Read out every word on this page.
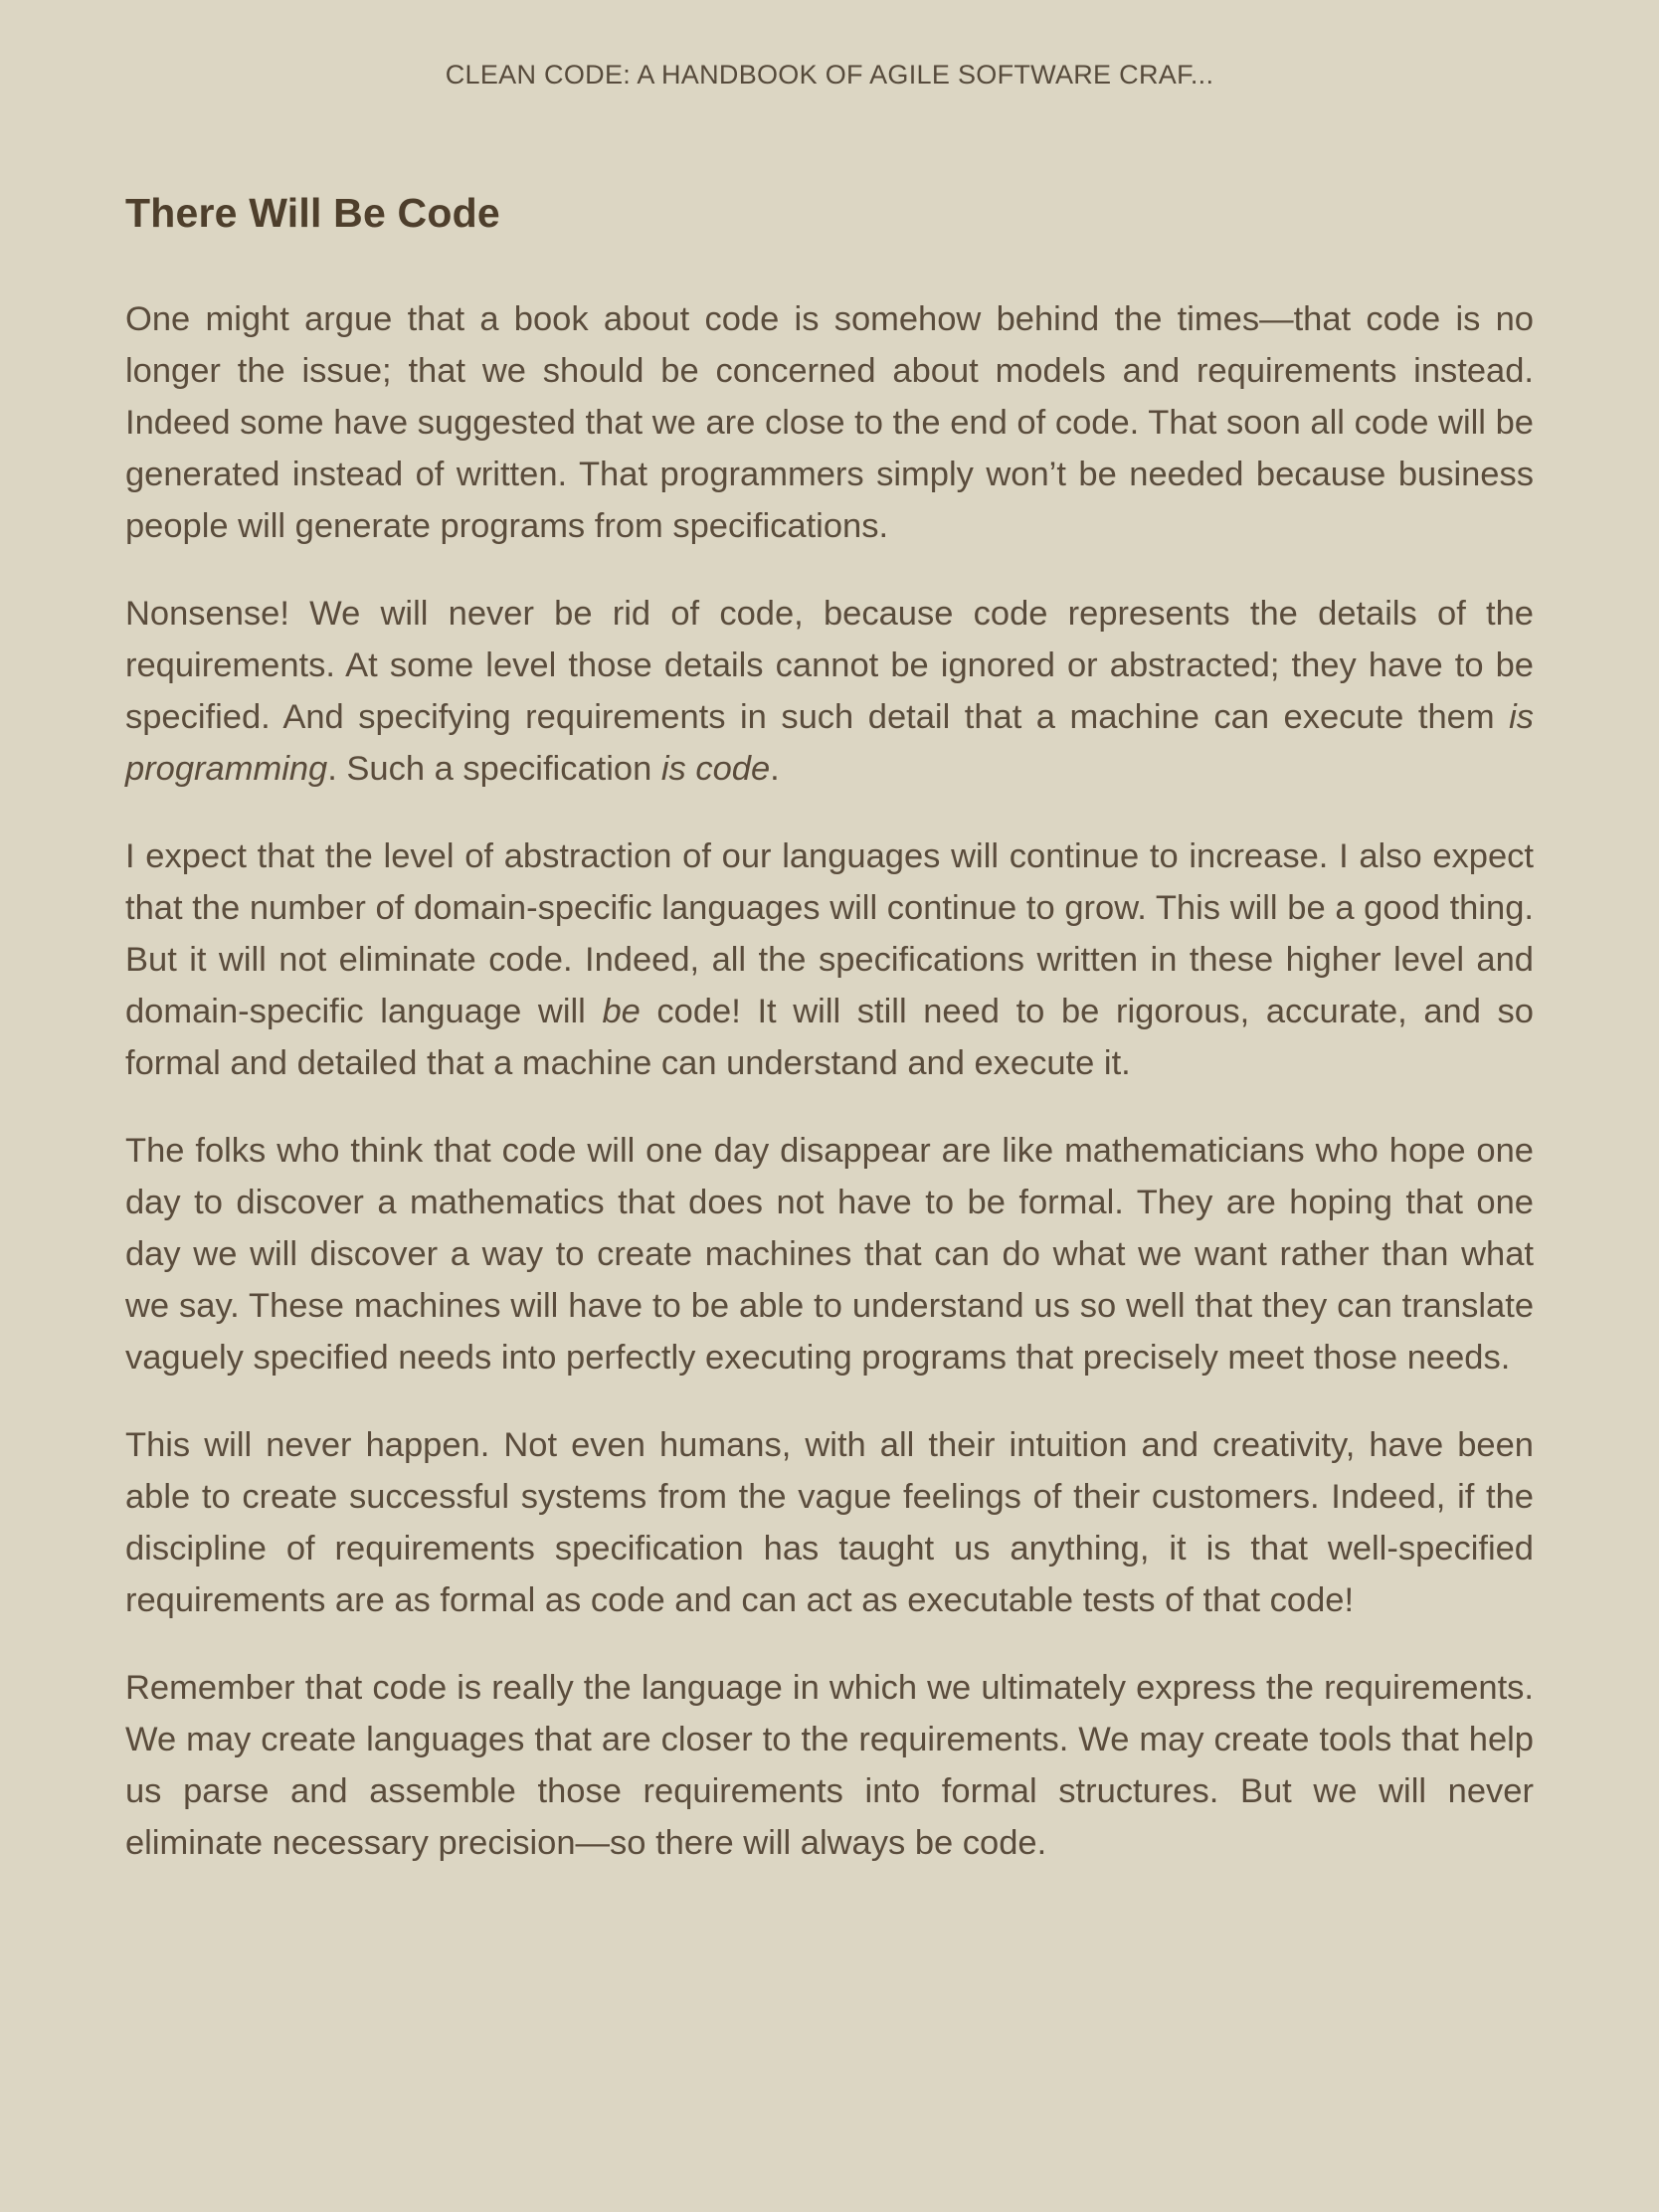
CLEAN CODE: A HANDBOOK OF AGILE SOFTWARE CRAF...
There Will Be Code

One might argue that a book about code is somehow behind the times—that code is no longer the issue; that we should be concerned about models and requirements instead. Indeed some have suggested that we are close to the end of code. That soon all code will be generated instead of written. That programmers simply won’t be needed because business people will generate programs from specifications.

Nonsense! We will never be rid of code, because code represents the details of the requirements. At some level those details cannot be ignored or abstracted; they have to be specified. And specifying requirements in such detail that a machine can execute them is programming. Such a specification is code.

I expect that the level of abstraction of our languages will continue to increase. I also expect that the number of domain-specific languages will continue to grow. This will be a good thing. But it will not eliminate code. Indeed, all the specifications written in these higher level and domain-specific language will be code! It will still need to be rigorous, accurate, and so formal and detailed that a machine can understand and execute it.

The folks who think that code will one day disappear are like mathematicians who hope one day to discover a mathematics that does not have to be formal. They are hoping that one day we will discover a way to create machines that can do what we want rather than what we say. These machines will have to be able to understand us so well that they can translate vaguely specified needs into perfectly executing programs that precisely meet those needs.

This will never happen. Not even humans, with all their intuition and creativity, have been able to create successful systems from the vague feelings of their customers. Indeed, if the discipline of requirements specification has taught us anything, it is that well-specified requirements are as formal as code and can act as executable tests of that code!

Remember that code is really the language in which we ultimately express the requirements. We may create languages that are closer to the requirements. We may create tools that help us parse and assemble those requirements into formal structures. But we will never eliminate necessary precision—so there will always be code.
